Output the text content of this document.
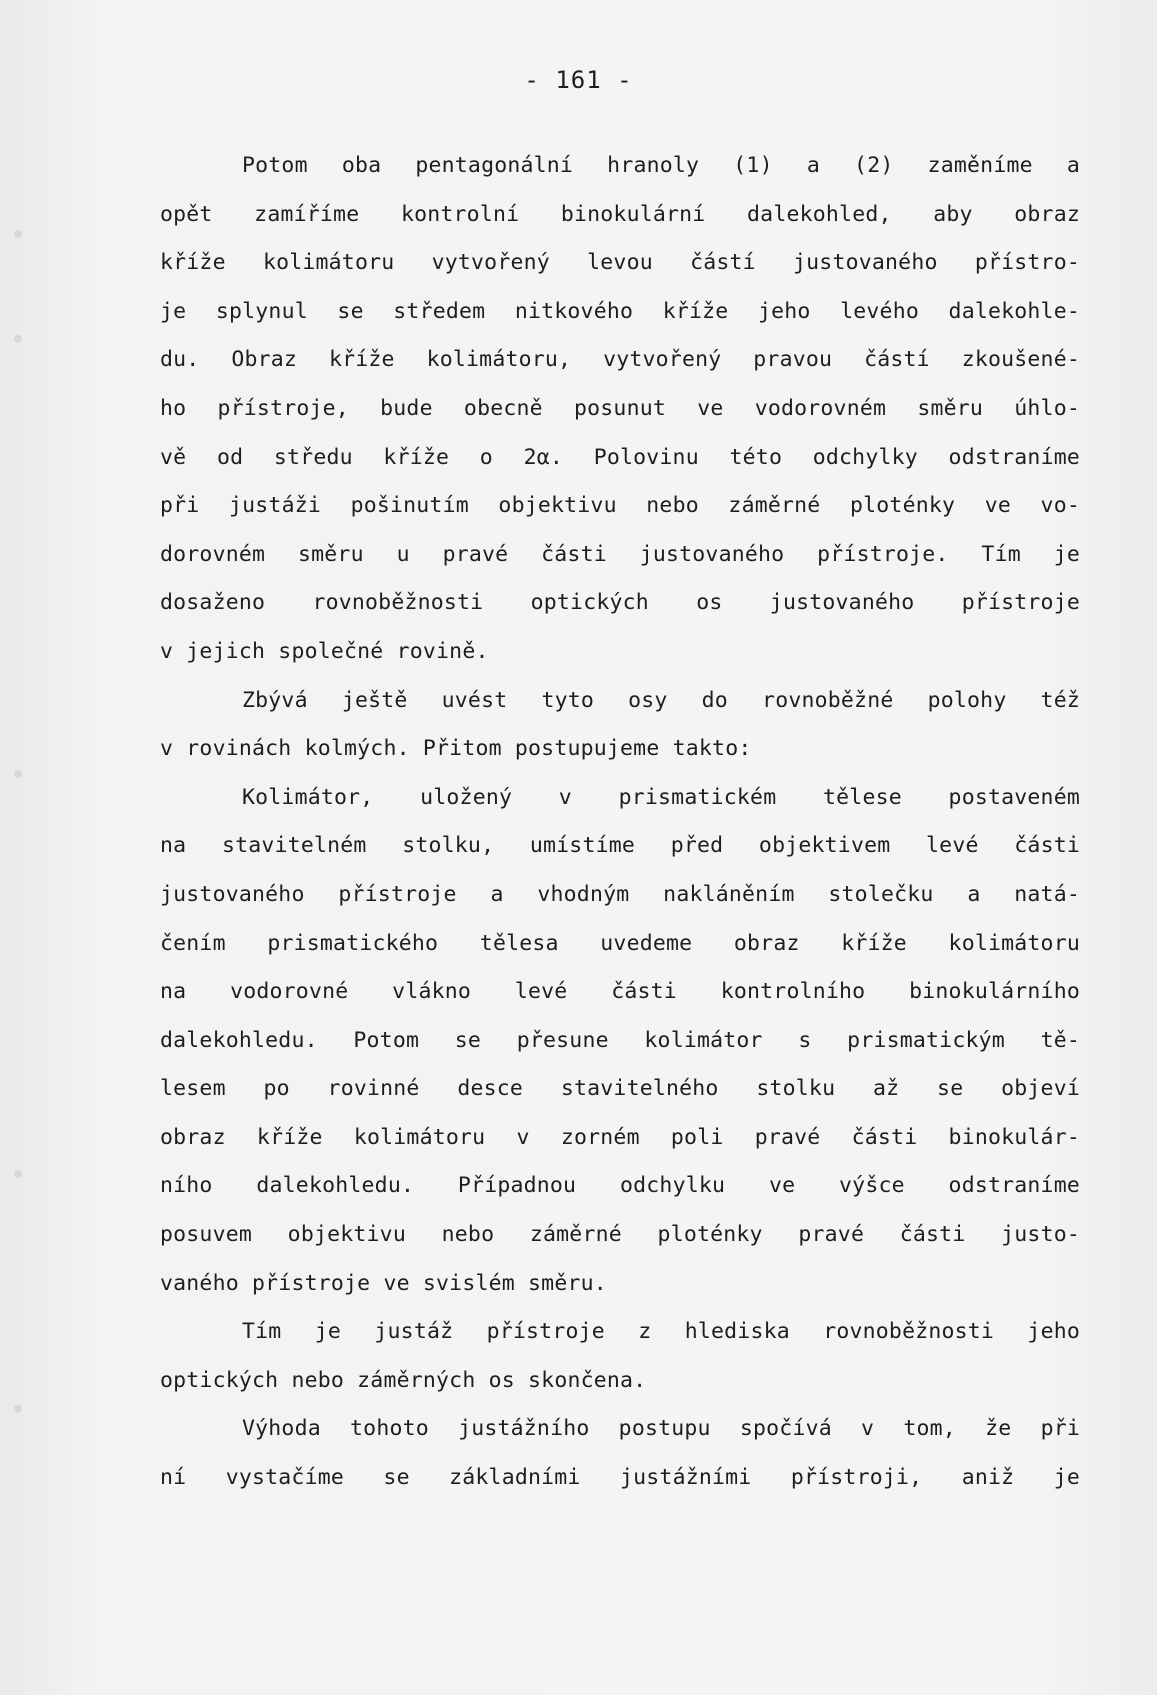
- 161 -
Potom oba pentagonální hranoly (1) a (2) zaměníme a
opět zamíříme kontrolní binokulární dalekohled, aby obraz
kříže kolimátoru vytvořený levou částí justovaného přístro-
je splynul se středem nitkového kříže jeho levého dalekohle-
du. Obraz kříže kolimátoru, vytvořený pravou částí zkoušené-
ho přístroje, bude obecně posunut ve vodorovném směru úhlo-
vě od středu kříže o 2α. Polovinu této odchylky odstraníme
při justáži pošinutím objektivu nebo záměrné ploténky ve vo-
dorovném směru u pravé části justovaného přístroje. Tím je
dosaženo rovnoběžnosti optických os justovaného přístroje
v jejich společné rovině.
Zbývá ještě uvést tyto osy do rovnoběžné polohy též
v rovinách kolmých. Přitom postupujeme takto:
Kolimátor, uložený v prismatickém tělese postaveném
na stavitelném stolku, umístíme před objektivem levé části
justovaného přístroje a vhodným nakláněním stolečku a natá-
čením prismatického tělesa uvedeme obraz kříže kolimátoru
na vodorovné vlákno levé části kontrolního binokulárního
dalekohledu. Potom se přesune kolimátor s prismatickým tě-
lesem po rovinné desce stavitelného stolku až se objeví
obraz kříže kolimátoru v zorném poli pravé části binokulár-
ního dalekohledu. Případnou odchylku ve výšce odstraníme
posuvem objektivu nebo záměrné ploténky pravé části justo-
vaného přístroje ve svislém směru.
Tím je justáž přístroje z hlediska rovnoběžnosti jeho
optických nebo záměrných os skončena.
Výhoda tohoto justážního postupu spočívá v tom, že při
ní vystačíme se základními justážními přístroji, aniž je
